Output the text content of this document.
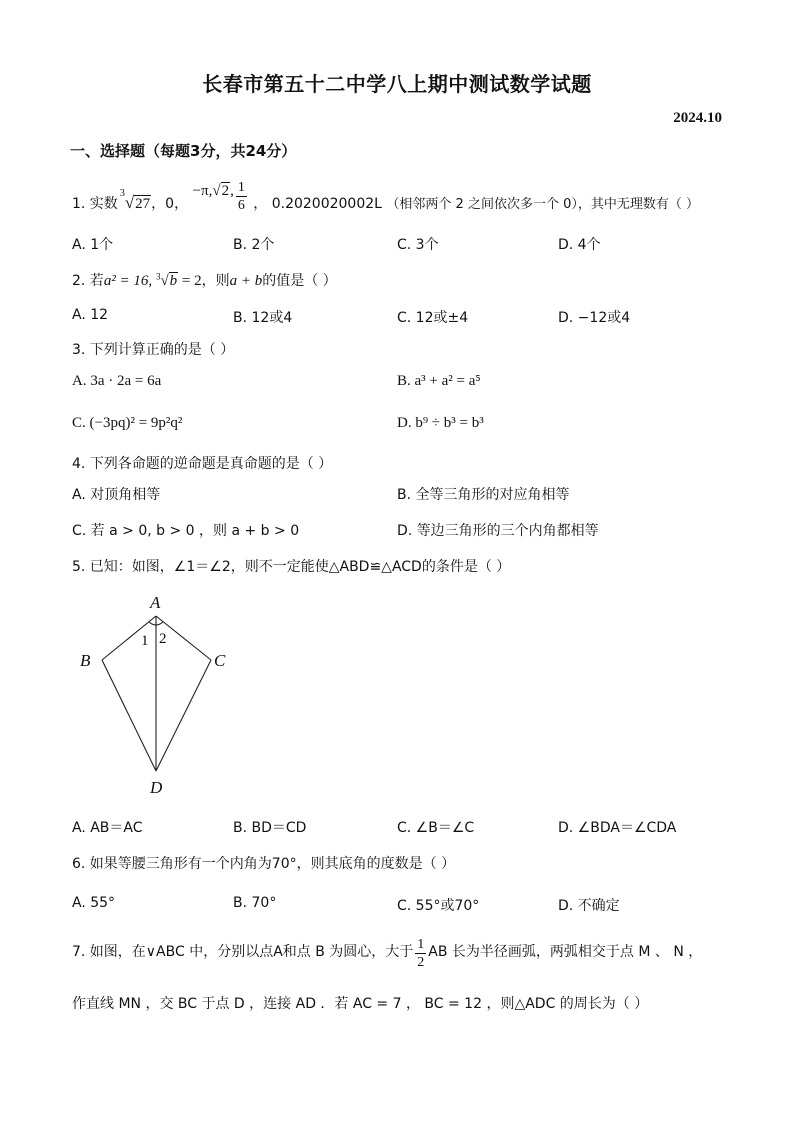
长春市第五十二中学八上期中测试数学试题
2024.10
一、选择题（每题3分，共24分）
1. 实数$^3$√27，0， −π,√2, $\frac{1}{6}$ ， 0.2020020002L （相邻两个 2 之间依次多一个 0），其中无理数有（ ）
A. 1个	B. 2个	C. 3个	D. 4个
2. 若a² = 16, $^3$√b = 2，则a + b的值是（ ）
A. 12	B. 12或4	C. 12或±4	D. −12或4
3. 下列计算正确的是（ ）
A. 3a · 2a = 6a	B. a³ + a² = a⁵
C. (−3pq)² = 9p²q²	D. b⁹ ÷ b³ = b³
4. 下列各命题的逆命题是真命题的是（ ）
A. 对顶角相等	B. 全等三角形的对应角相等
C. 若 a > 0, b > 0 ，则 a + b > 0	D. 等边三角形的三个内角都相等
5. 已知：如图，∠1＝∠2，则不一定能使△ABD≌△ACD的条件是（ ）
A
B	C
D
1 2
A. AB＝AC	B. BD＝CD	C. ∠B＝∠C	D. ∠BDA＝∠CDA
6. 如果等腰三角形有一个内角为70°，则其底角的度数是（ ）
A. 55°	B. 70°	C. 55°或70°	D. 不确定
7. 如图，在∨ABC 中，分别以点A和点 B 为圆心，大于 $\frac{1}{2}$ AB 长为半径画弧，两弧相交于点 M 、 N ，
作直线 MN ，交 BC 于点 D ，连接 AD ．若 AC = 7 ， BC = 12 ，则△ADC 的周长为（ ）
